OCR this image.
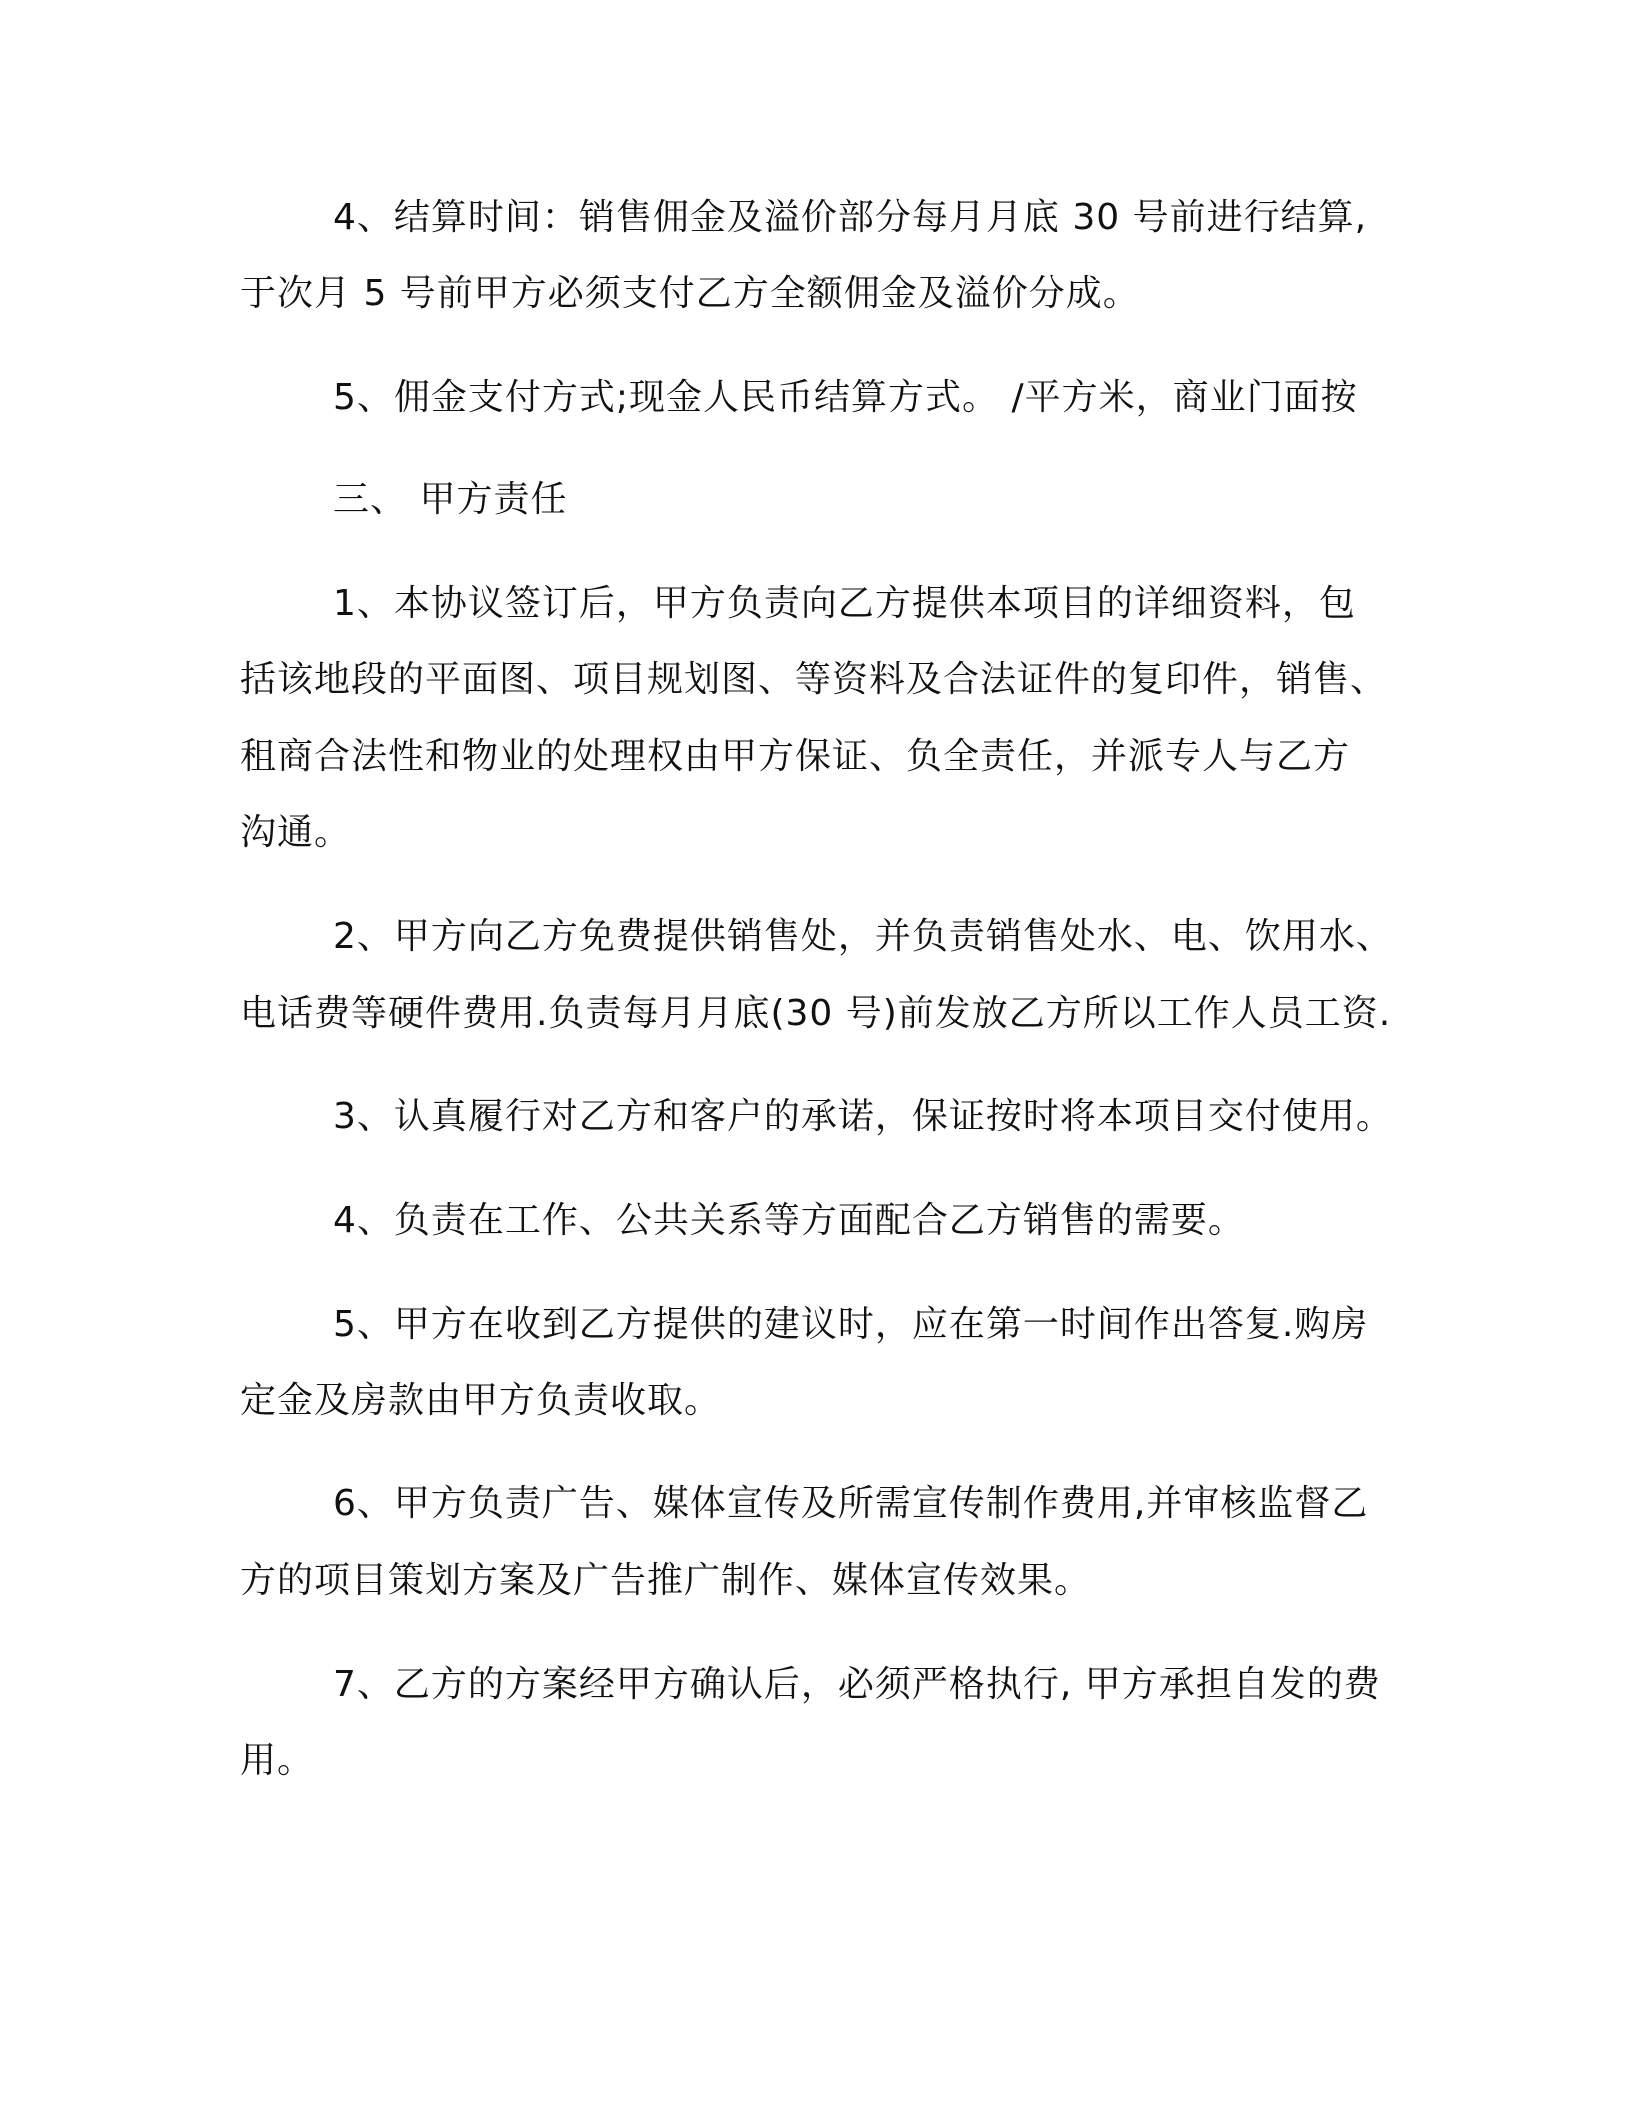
4、结算时间：销售佣金及溢价部分每月月底 30 号前进行结算,

于次月 5 号前甲方必须支付乙方全额佣金及溢价分成。

5、佣金支付方式;现金人民币结算方式。 /平方米，商业门面按

三、 甲方责任

1、本协议签订后，甲方负责向乙方提供本项目的详细资料，包

括该地段的平面图、项目规划图、等资料及合法证件的复印件，销售、

租商合法性和物业的处理权由甲方保证、负全责任，并派专人与乙方

沟通。

2、甲方向乙方免费提供销售处，并负责销售处水、电、饮用水、

电话费等硬件费用.负责每月月底(30 号)前发放乙方所以工作人员工资.

3、认真履行对乙方和客户的承诺，保证按时将本项目交付使用。

4、负责在工作、公共关系等方面配合乙方销售的需要。

5、甲方在收到乙方提供的建议时，应在第一时间作出答复.购房

定金及房款由甲方负责收取。

6、甲方负责广告、媒体宣传及所需宣传制作费用,并审核监督乙

方的项目策划方案及广告推广制作、媒体宣传效果。

7、乙方的方案经甲方确认后，必须严格执行, 甲方承担自发的费

用。
